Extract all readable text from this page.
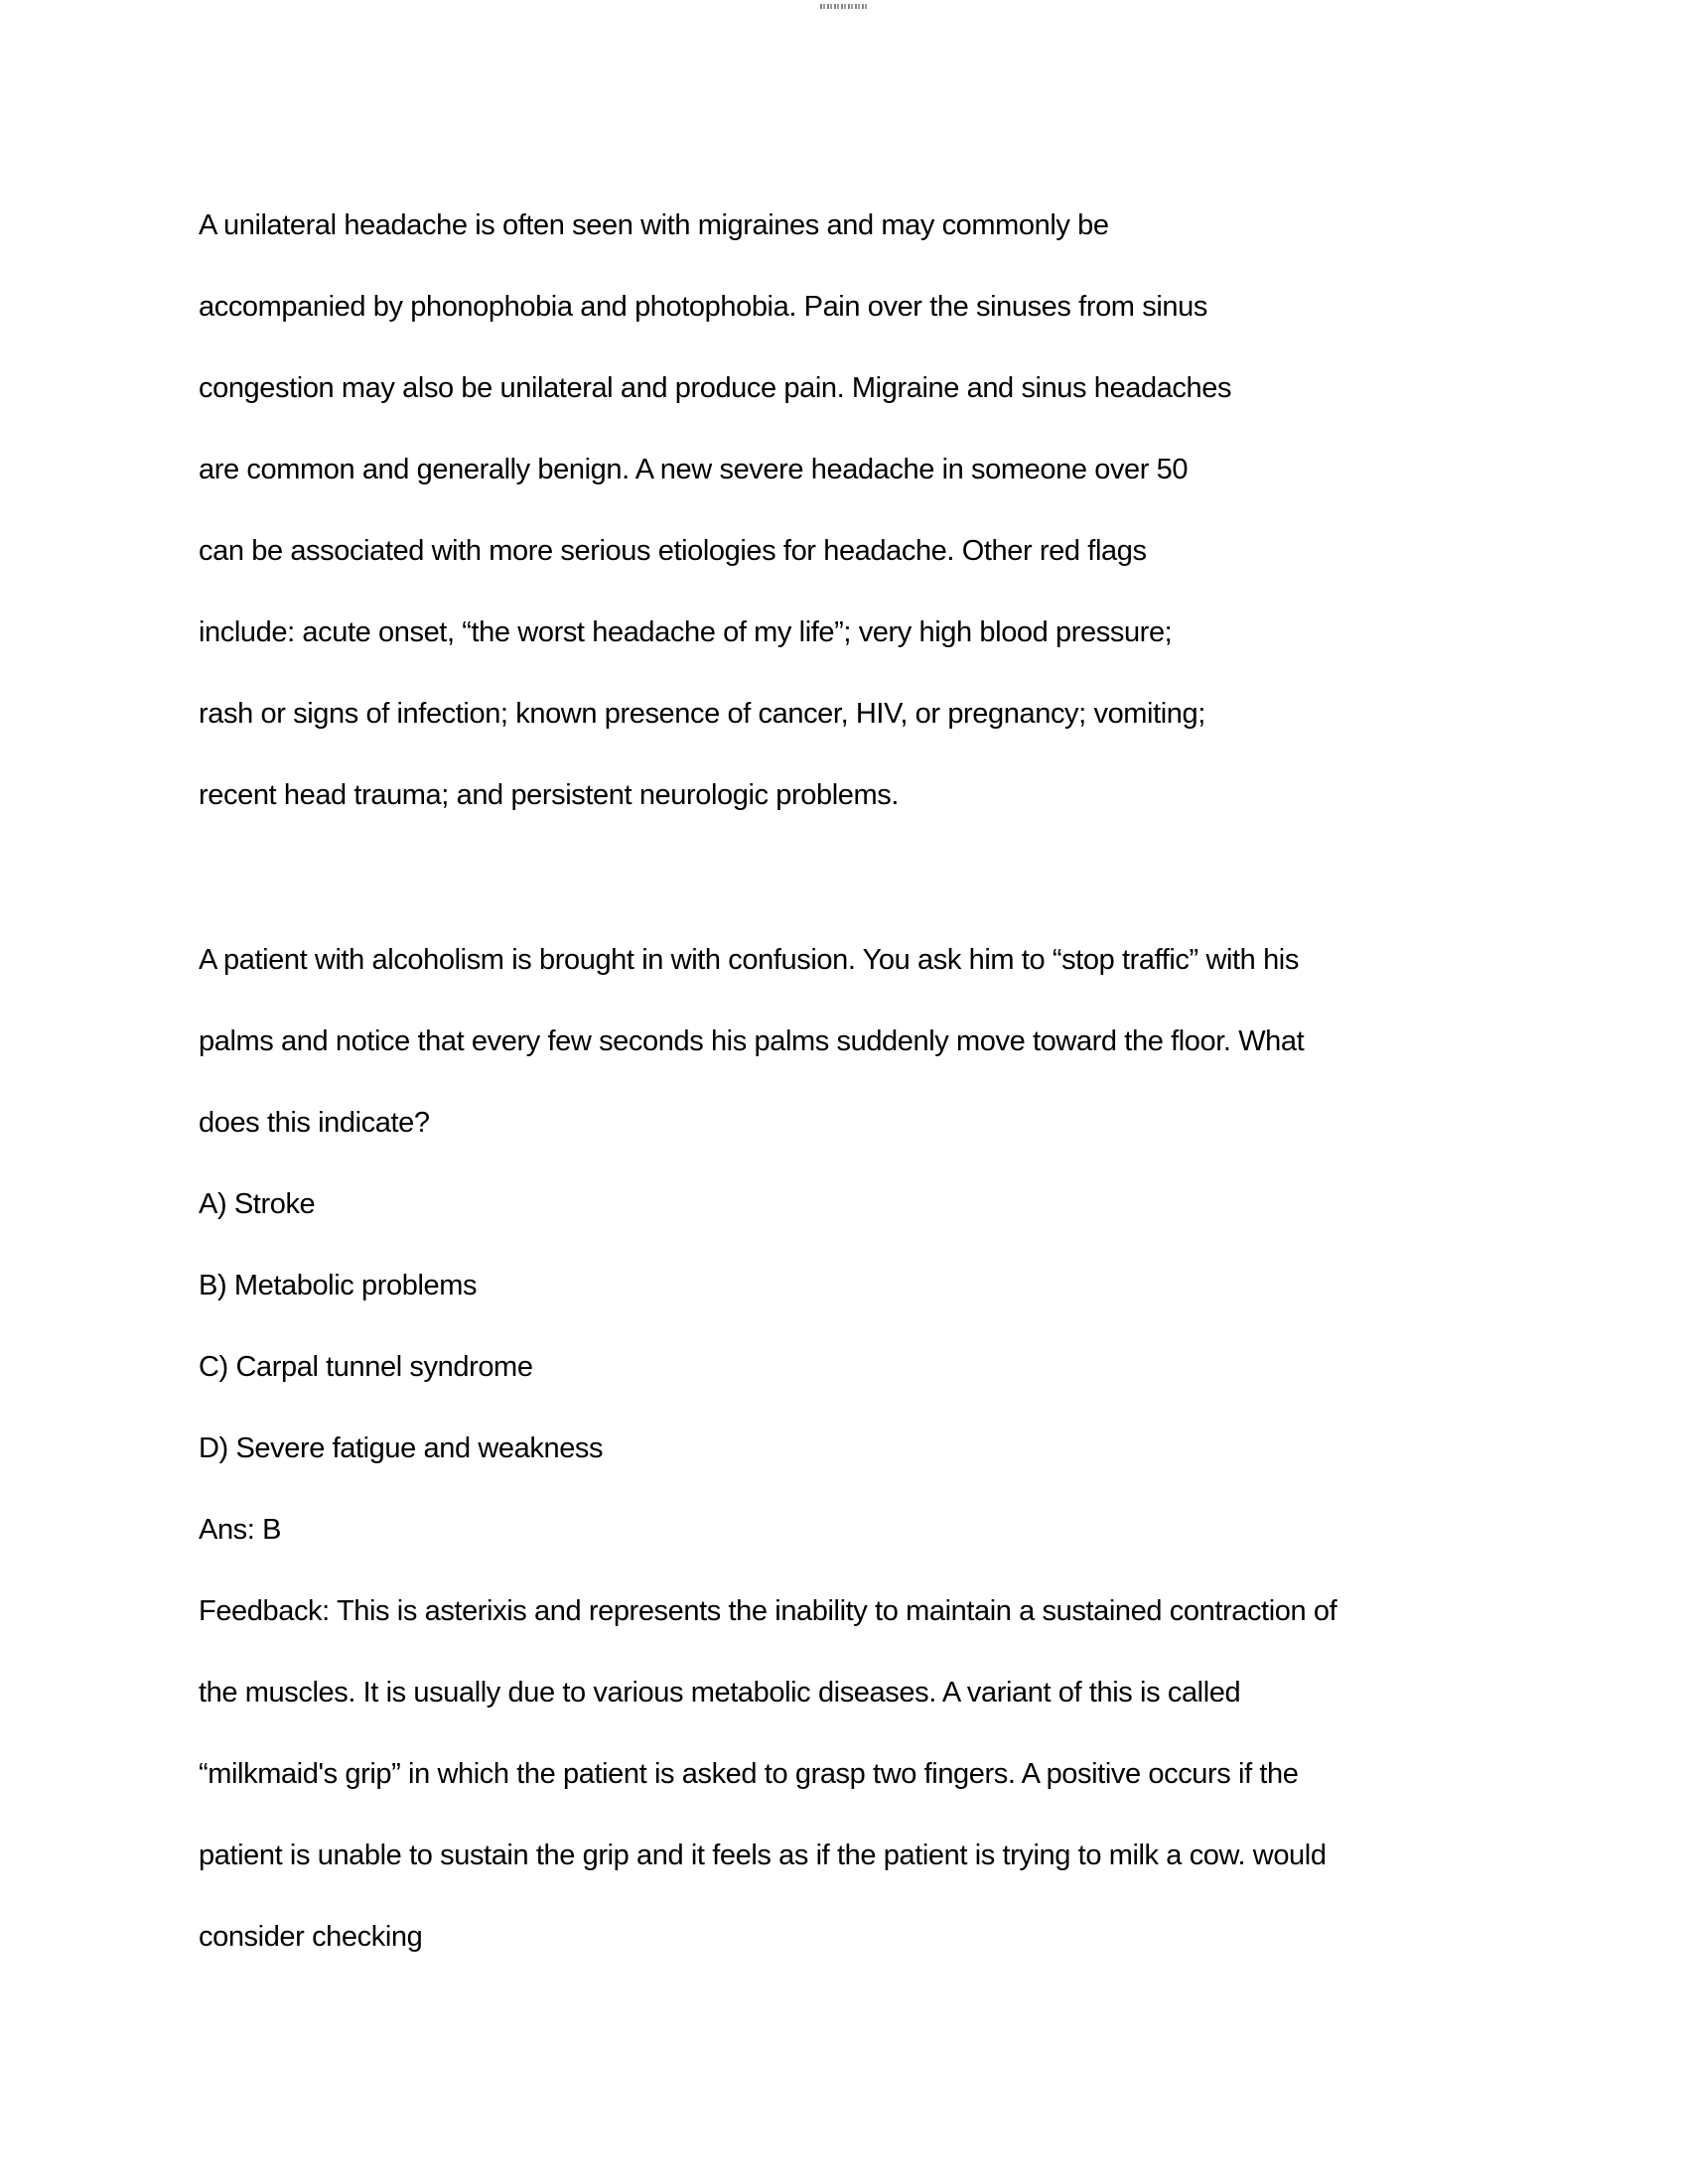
A unilateral headache is often seen with migraines and may commonly be
accompanied by phonophobia and photophobia. Pain over the sinuses from sinus
congestion may also be unilateral and produce pain. Migraine and sinus headaches
are common and generally benign. A new severe headache in someone over 50
can be associated with more serious etiologies for headache. Other red flags
include: acute onset, “the worst headache of my life”; very high blood pressure;
rash or signs of infection; known presence of cancer, HIV, or pregnancy; vomiting;
recent head trauma; and persistent neurologic problems.
A patient with alcoholism is brought in with confusion. You ask him to “stop traffic” with his
palms and notice that every few seconds his palms suddenly move toward the floor. What
does this indicate?
A) Stroke
B) Metabolic problems
C) Carpal tunnel syndrome
D) Severe fatigue and weakness
Ans: B
Feedback: This is asterixis and represents the inability to maintain a sustained contraction of
the muscles. It is usually due to various metabolic diseases. A variant of this is called
“milkmaid's grip” in which the patient is asked to grasp two fingers. A positive occurs if the
patient is unable to sustain the grip and it feels as if the patient is trying to milk a cow. would
consider checking
